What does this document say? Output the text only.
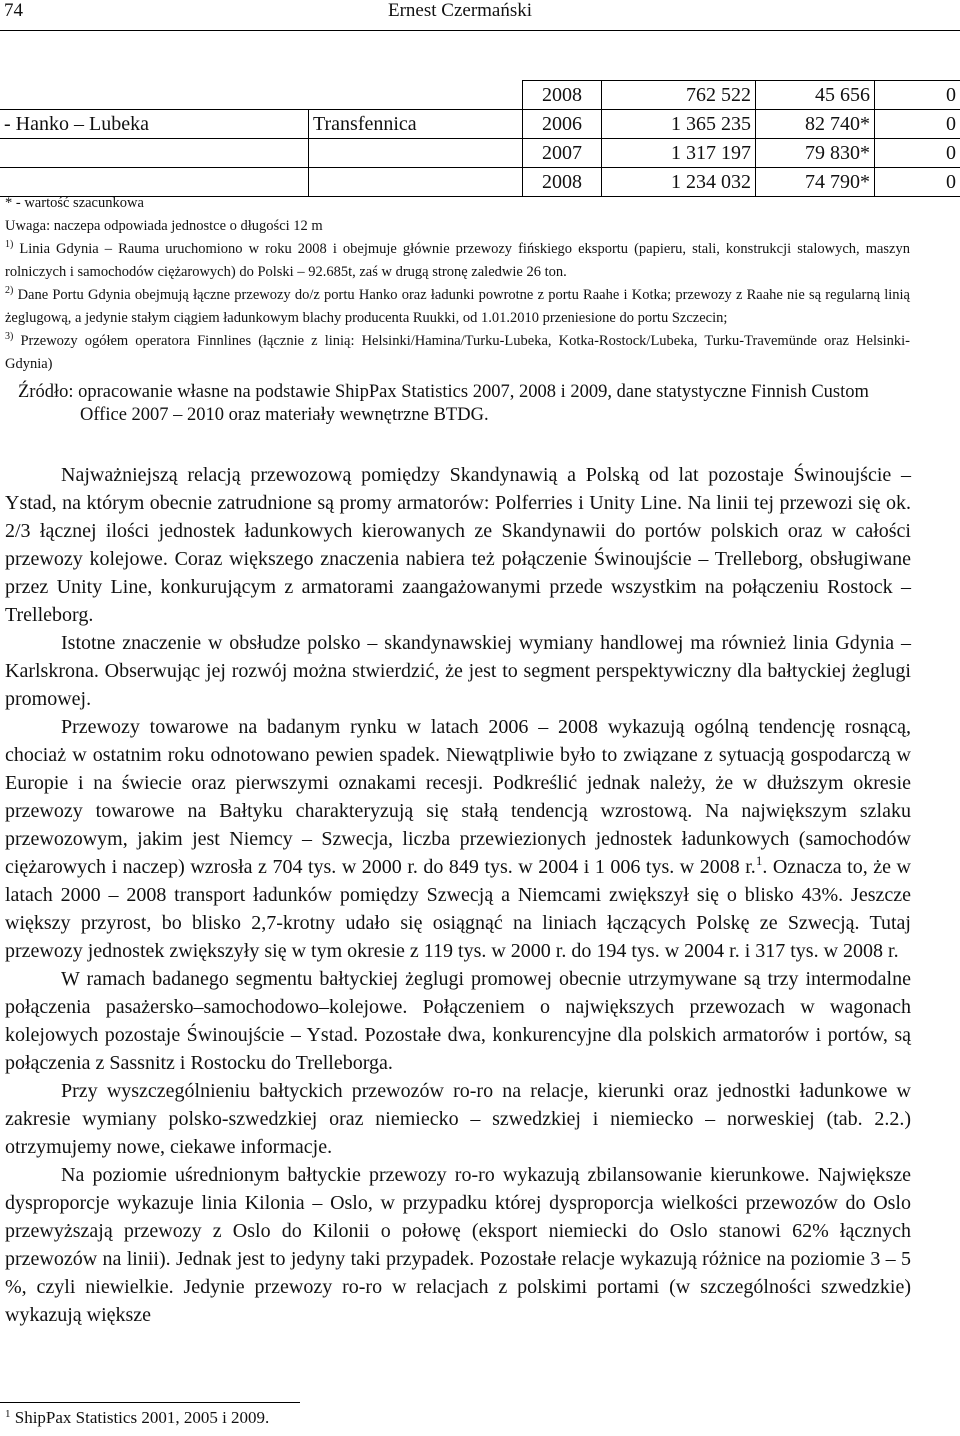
74	Ernest Czermański
		2008	762 522	45 656	0
- Hanko – Lubeka	Transfennica	2006	1 365 235	82 740*	0
		2007	1 317 197	79 830*	0
		2008	1 234 032	74 790*	0

* - wartość szacunkowa

Uwaga: naczepa odpowiada jednostce o długości 12 m

$^{1)}$ Linia Gdynia – Rauma uruchomiono w roku 2008 i obejmuje głównie przewozy fińskiego eksportu (papieru, stali, konstrukcji stalowych, maszyn rolniczych i samochodów ciężarowych) do Polski – 92.685t, zaś w drugą stronę zaledwie 26 ton.

$^{2)}$ Dane Portu Gdynia obejmują łączne przewozy do/z portu Hanko oraz ładunki powrotne z portu Raahe i Kotka; przewozy z Raahe nie są regularną linią żeglugową, a jedynie stałym ciągiem ładunkowym blachy producenta Ruukki, od 1.01.2010 przeniesione do portu Szczecin;

$^{3)}$ Przewozy ogółem operatora Finnlines (łącznie z linią: Helsinki/Hamina/Turku-Lubeka, Kotka-Rostock/Lubeka, Turku-Travemünde oraz Helsinki-Gdynia)

Źródło: opracowanie własne na podstawie ShipPax Statistics 2007, 2008 i 2009, dane statystyczne Finnish Custom
Office 2007 – 2010 oraz materiały wewnętrzne BTDG.

Najważniejszą relacją przewozową pomiędzy Skandynawią a Polską od lat pozostaje Świnoujście – Ystad, na którym obecnie zatrudnione są promy armatorów: Polferries i Unity Line. Na linii tej przewozi się ok. 2/3 łącznej ilości jednostek ładunkowych kierowanych ze Skandynawii do portów polskich oraz w całości przewozy kolejowe. Coraz większego znaczenia nabiera też połączenie Świnoujście – Trelleborg, obsługiwane przez Unity Line, konkurującym z armatorami zaangażowanymi przede wszystkim na połączeniu Rostock – Trelleborg.

Istotne znaczenie w obsłudze polsko – skandynawskiej wymiany handlowej ma również linia Gdynia – Karlskrona. Obserwując jej rozwój można stwierdzić, że jest to segment perspektywiczny dla bałtyckiej żeglugi promowej.

Przewozy towarowe na badanym rynku w latach 2006 – 2008 wykazują ogólną tendencję rosnącą, chociaż w ostatnim roku odnotowano pewien spadek. Niewątpliwie było to związane z sytuacją gospodarczą w Europie i na świecie oraz pierwszymi oznakami recesji. Podkreślić jednak należy, że w dłuższym okresie przewozy towarowe na Bałtyku charakteryzują się stałą tendencją wzrostową. Na największym szlaku przewozowym, jakim jest Niemcy – Szwecja, liczba przewiezionych jednostek ładunkowych (samochodów ciężarowych i naczep) wzrosła z 704 tys. w 2000 r. do 849 tys. w 2004 i 1 006 tys. w 2008 r.$^1$. Oznacza to, że w latach 2000 – 2008 transport ładunków pomiędzy Szwecją a Niemcami zwiększył się o blisko 43%. Jeszcze większy przyrost, bo blisko 2,7-krotny udało się osiągnąć na liniach łączących Polskę ze Szwecją. Tutaj przewozy jednostek zwiększyły się w tym okresie z 119 tys. w 2000 r. do 194 tys. w 2004 r. i 317 tys. w 2008 r.

W ramach badanego segmentu bałtyckiej żeglugi promowej obecnie utrzymywane są trzy intermodalne połączenia pasażersko–samochodowo–kolejowe. Połączeniem o największych przewozach w wagonach kolejowych pozostaje Świnoujście – Ystad. Pozostałe dwa, konkurencyjne dla polskich armatorów i portów, są połączenia z Sassnitz i Rostocku do Trelleborga.

Przy wyszczególnieniu bałtyckich przewozów ro-ro na relacje, kierunki oraz jednostki ładunkowe w zakresie wymiany polsko-szwedzkiej oraz niemiecko – szwedzkiej i niemiecko – norweskiej (tab. 2.2.) otrzymujemy nowe, ciekawe informacje.

Na poziomie uśrednionym bałtyckie przewozy ro-ro wykazują zbilansowanie kierunkowe. Największe dysproporcje wykazuje linia Kilonia – Oslo, w przypadku której dysproporcja wielkości przewozów do Oslo przewyższają przewozy z Oslo do Kilonii o połowę (eksport niemiecki do Oslo stanowi 62% łącznych przewozów na linii). Jednak jest to jedyny taki przypadek. Pozostałe relacje wykazują różnice na poziomie 3 – 5 %, czyli niewielkie. Jedynie przewozy ro-ro w relacjach z polskimi portami (w szczególności szwedzkie) wykazują większe

$^1$ ShipPax Statistics 2001, 2005 i 2009.
